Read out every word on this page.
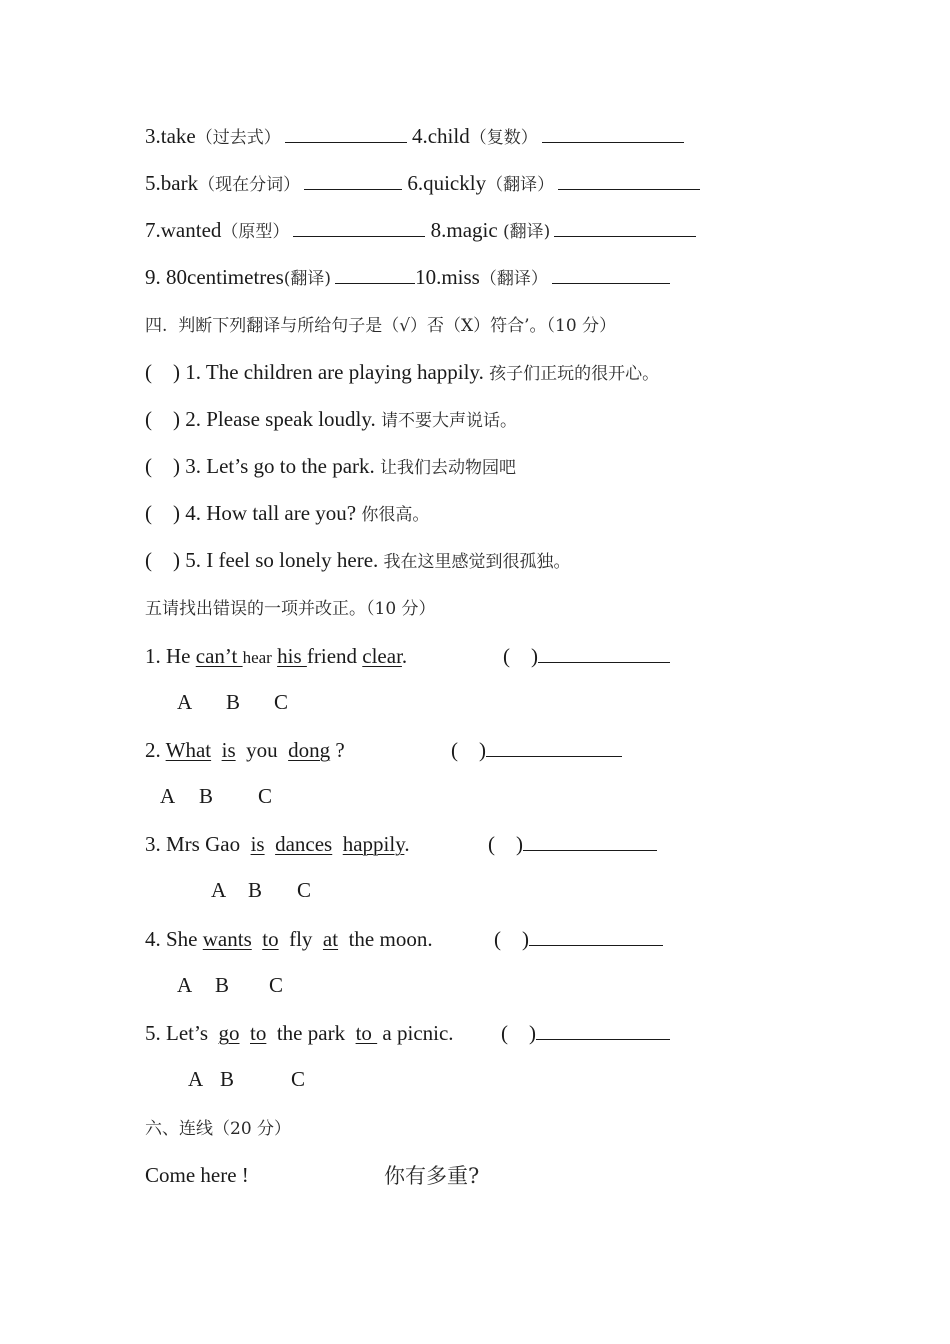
3.take（过去式）	4.child（复数）
5.bark（现在分词）	6.quickly（翻译）
7.wanted（原型）	8.magic (翻译)
9. 80centimetres(翻译)	10.miss（翻译）
四.  判断下列翻译与所给句子是（√）否（X）符合’。（10 分）
(    ) 1. The children are playing happily. 孩子们正玩的很开心。
(    ) 2. Please speak loudly. 请不要大声说话。
(    ) 3. Let’s go to the park. 让我们去动物园吧
(    ) 4. How tall are you? 你很高。
(    ) 5. I feel so lonely here. 我在这里感觉到很孤独。
五请找出错误的一项并改正。（10 分）
1. He can’t hear his friend clear.	(    )
A B C
2. What is  you  dong ?	(    )
A B C
3. Mrs Gao  is dances happily.	(    )
A B C
4. She wants to  fly  at  the moon.	(    )
A B C
5. Let’s  go to  the park  to  a picnic. (    )
A B	C
六、连线（20 分）
Come here !	你有多重?
